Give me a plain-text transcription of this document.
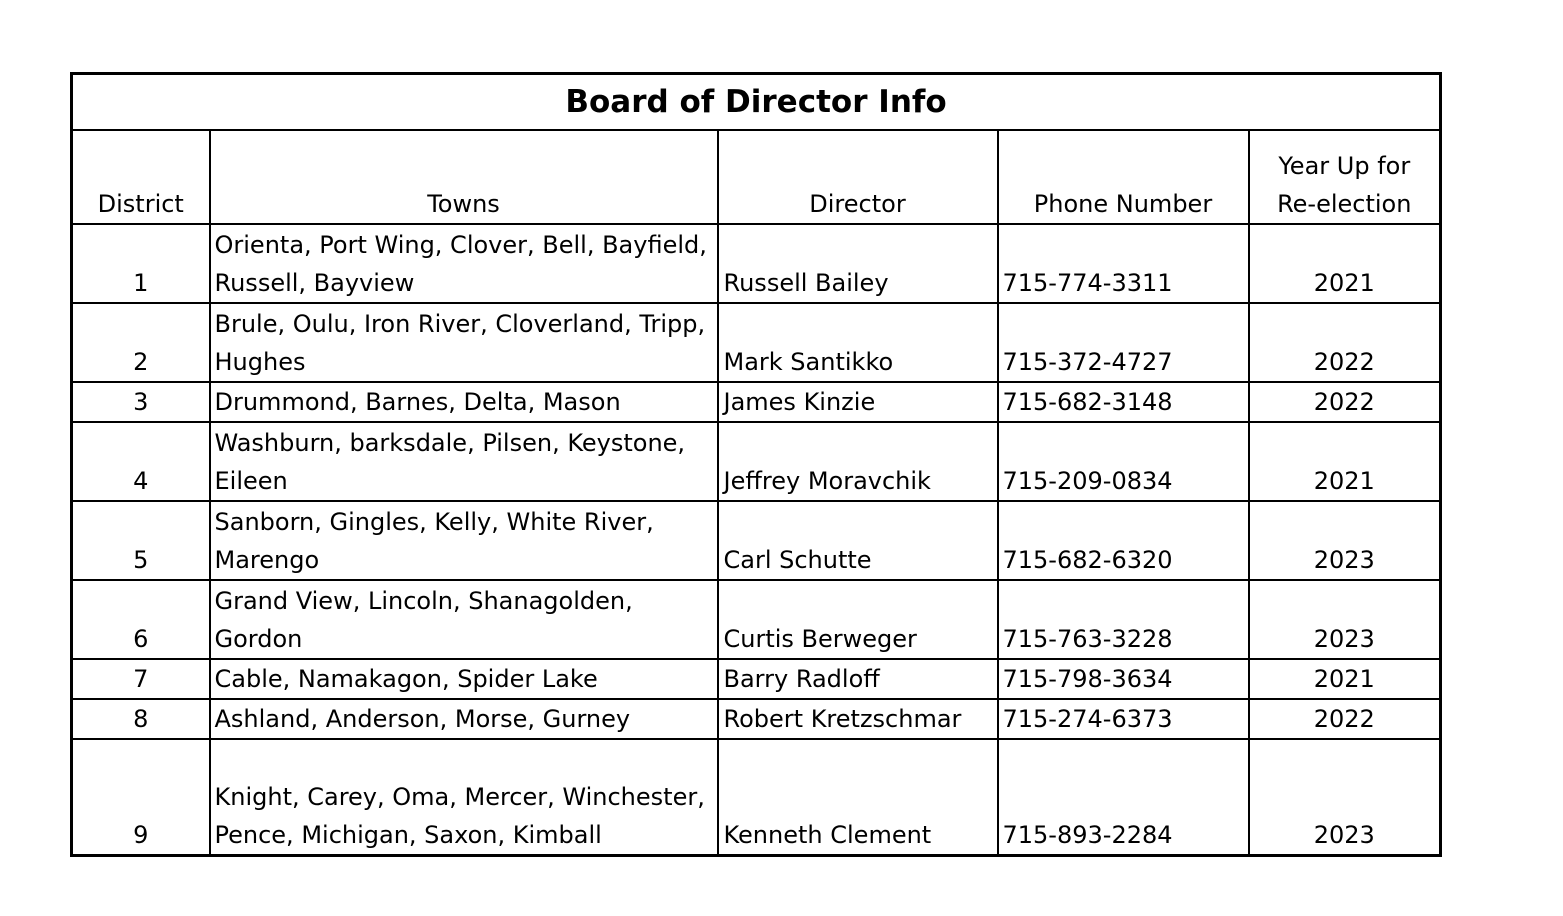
Board of Director Info				
District	Towns	Director	Phone Number	Year Up for
Re-election

1	Orienta, Port Wing, Clover, Bell, Bayfield,
Russell, Bayview	Russell Bailey	715-774-3311	2021
2	Brule, Oulu, Iron River, Cloverland, Tripp,
Hughes	Mark Santikko	715-372-4727	2022
3	Drummond, Barnes, Delta, Mason	James Kinzie	715-682-3148	2022
4	Washburn, barksdale, Pilsen, Keystone,
Eileen	Jeffrey Moravchik	715-209-0834	2021
5	Sanborn, Gingles, Kelly, White River,
Marengo	Carl Schutte	715-682-6320	2023
6	Grand View, Lincoln, Shanagolden,
Gordon	Curtis Berweger	715-763-3228	2023
7	Cable, Namakagon, Spider Lake	Barry Radloff	715-798-3634	2021
8	Ashland, Anderson, Morse, Gurney	Robert Kretzschmar	715-274-6373	2022
9	Knight, Carey, Oma, Mercer, Winchester,
Pence, Michigan, Saxon, Kimball	Kenneth Clement	715-893-2284	2023
